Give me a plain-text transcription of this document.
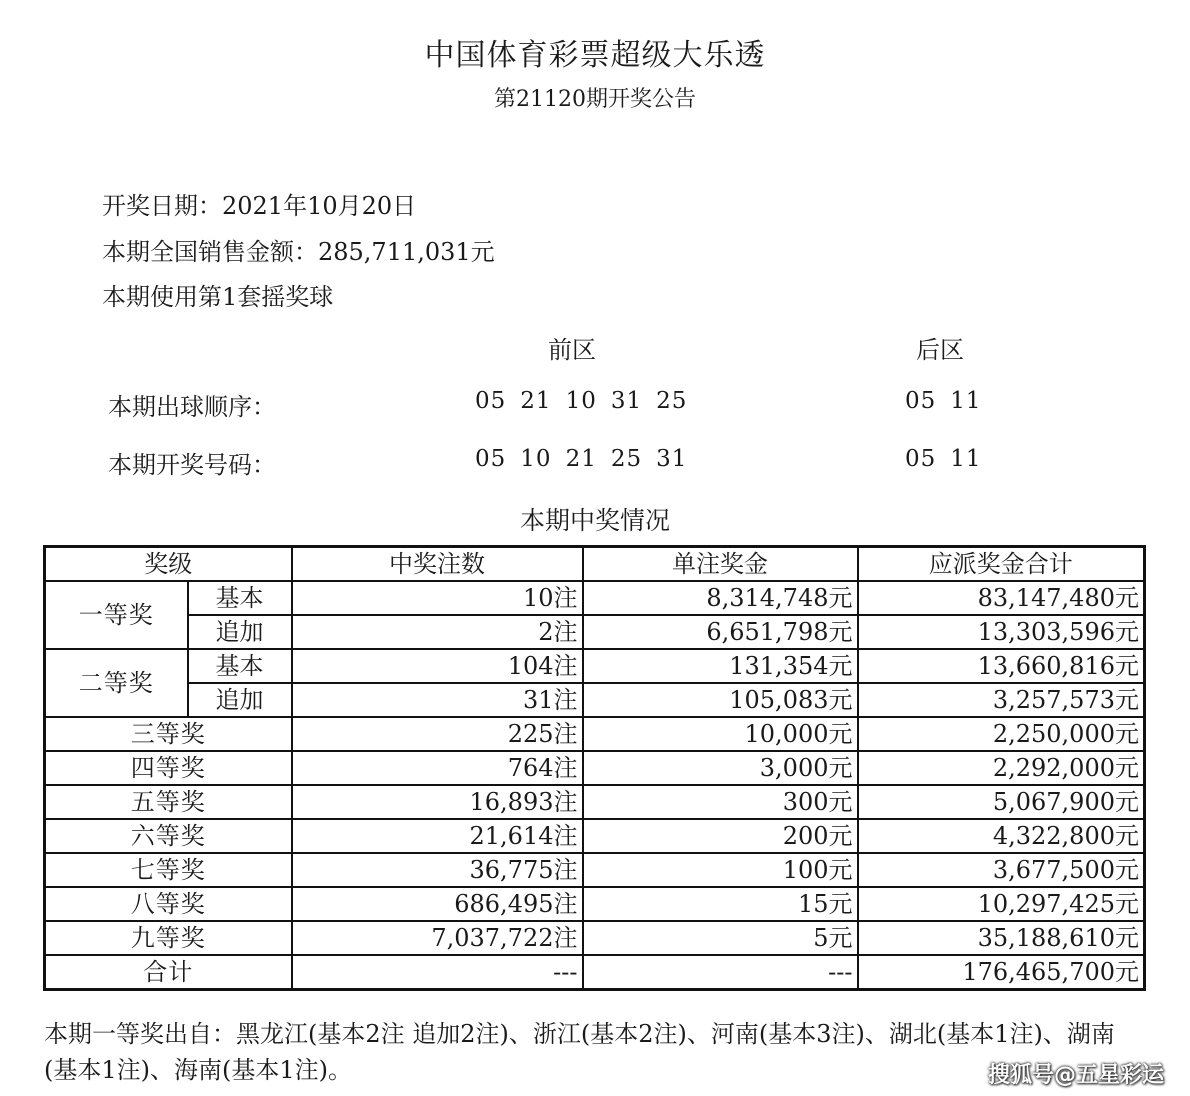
中国体育彩票超级大乐透
第21120期开奖公告
开奖日期：2021年10月20日
本期全国销售金额：285,711,031元
本期使用第1套摇奖球
前区	后区
本期出球顺序：	05 21 10 31 25	05 11
本期开奖号码：	05 10 21 25 31	05 11
本期中奖情况
奖级		中奖注数	单注奖金	应派奖金合计
一等奖	基本	10注	8,314,748元	83,147,480元
	追加	2注	6,651,798元	13,303,596元
二等奖	基本	104注	131,354元	13,660,816元
	追加	31注	105,083元	3,257,573元
三等奖		225注	10,000元	2,250,000元
四等奖		764注	3,000元	2,292,000元
五等奖		16,893注	300元	5,067,900元
六等奖		21,614注	200元	4,322,800元
七等奖		36,775注	100元	3,677,500元
八等奖		686,495注	15元	10,297,425元
九等奖		7,037,722注	5元	35,188,610元
合计		---	---	176,465,700元
本期一等奖出自：黑龙江(基本2注 追加2注)、浙江(基本2注)、河南(基本3注)、湖北(基本1注)、湖南(基本1注)、海南(基本1注)。	搜狐号@五星彩运
